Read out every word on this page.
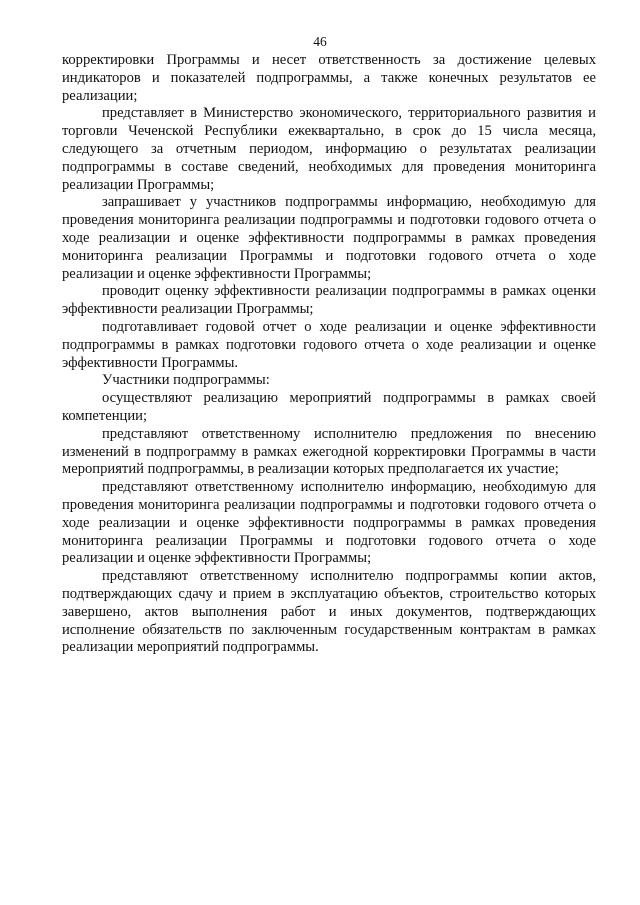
46

корректировки Программы и несет ответственность за достижение целевых индикаторов и показателей подпрограммы, а также конечных результатов ее реализации;

представляет в Министерство экономического, территориального развития и торговли Чеченской Республики ежеквартально, в срок до 15 числа месяца, следующего за отчетным периодом, информацию о результатах реализации подпрограммы в составе сведений, необходимых для проведения мониторинга реализации Программы;

запрашивает у участников подпрограммы информацию, необходимую для проведения мониторинга реализации подпрограммы и подготовки годового отчета о ходе реализации и оценке эффективности подпрограммы в рамках проведения мониторинга реализации Программы и подготовки годового отчета о ходе реализации и оценке эффективности Программы;

проводит оценку эффективности реализации подпрограммы в рамках оценки эффективности реализации Программы;

подготавливает годовой отчет о ходе реализации и оценке эффективности подпрограммы в рамках подготовки годового отчета о ходе реализации и оценке эффективности Программы.

Участники подпрограммы:

осуществляют реализацию мероприятий подпрограммы в рамках своей компетенции;

представляют ответственному исполнителю предложения по внесению изменений в подпрограмму в рамках ежегодной корректировки Программы в части мероприятий подпрограммы, в реализации которых предполагается их участие;

представляют ответственному исполнителю информацию, необходимую для проведения мониторинга реализации подпрограммы и подготовки годового отчета о ходе реализации и оценке эффективности подпрограммы в рамках проведения мониторинга реализации Программы и подготовки годового отчета о ходе реализации и оценке эффективности Программы;

представляют ответственному исполнителю подпрограммы копии актов, подтверждающих сдачу и прием в эксплуатацию объектов, строительство которых завершено, актов выполнения работ и иных документов, подтверждающих исполнение обязательств по заключенным государственным контрактам в рамках реализации мероприятий подпрограммы.
